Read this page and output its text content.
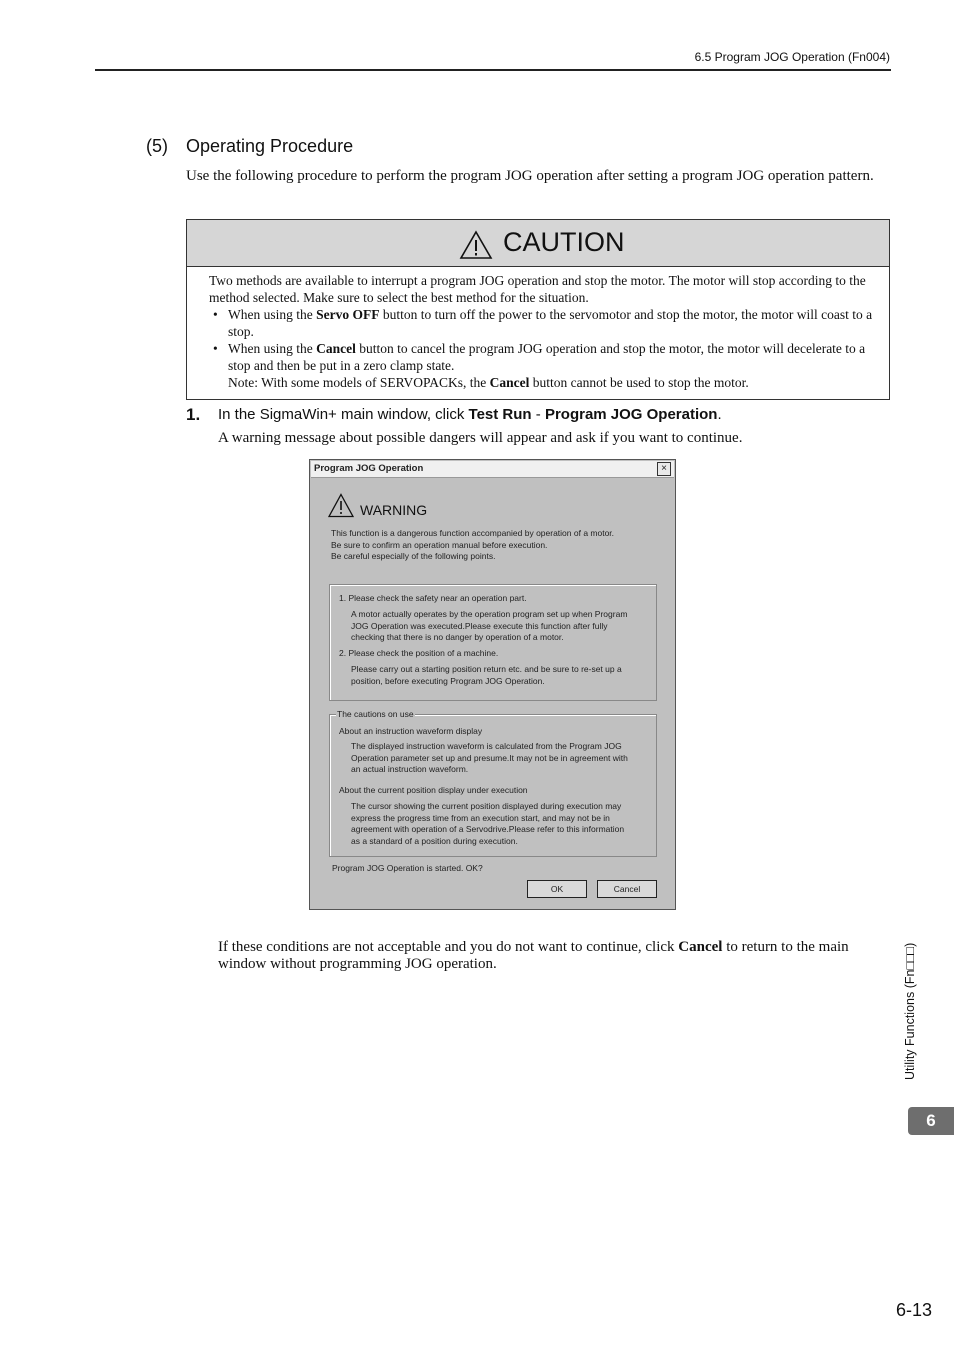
6.5 Program JOG Operation (Fn004)
(5) Operating Procedure
Use the following procedure to perform the program JOG operation after setting a program JOG operation pattern.
CAUTION
Two methods are available to interrupt a program JOG operation and stop the motor. The motor will stop according to the method selected. Make sure to select the best method for the situation.
• When using the Servo OFF button to turn off the power to the servomotor and stop the motor, the motor will coast to a stop.
• When using the Cancel button to cancel the program JOG operation and stop the motor, the motor will decelerate to a stop and then be put in a zero clamp state.
Note: With some models of SERVOPACKs, the Cancel button cannot be used to stop the motor.
1. In the SigmaWin+ main window, click Test Run - Program JOG Operation.
A warning message about possible dangers will appear and ask if you want to continue.
Program JOG Operation	×
WARNING
This function is a dangerous function accompanied by operation of a motor.
Be sure to confirm an operation manual before execution.
Be careful especially of the following points.
1. Please check the safety near an operation part.
A motor actually operates by the operation program set up when Program
JOG Operation was executed.Please execute this function after fully
checking that there is no danger by operation of a motor.
2. Please check the position of a machine.
Please carry out a starting position return etc. and be sure to re-set up a
position, before executing Program JOG Operation.
The cautions on use
About an instruction waveform display
The displayed instruction waveform is calculated from the Program JOG
Operation parameter set up and presume.It may not be in agreement with
an actual instruction waveform.
About the current position display under execution
The cursor showing the current position displayed during execution may
express the progress time from an execution start, and may not be in
agreement with operation of a Servodrive.Please refer to this information
as a standard of a position during execution.
Program JOG Operation is started. OK?
OK	Cancel
If these conditions are not acceptable and you do not want to continue, click Cancel to return to the main window without programming JOG operation.	Utility Functions (Fn□□□)
6
6-13
